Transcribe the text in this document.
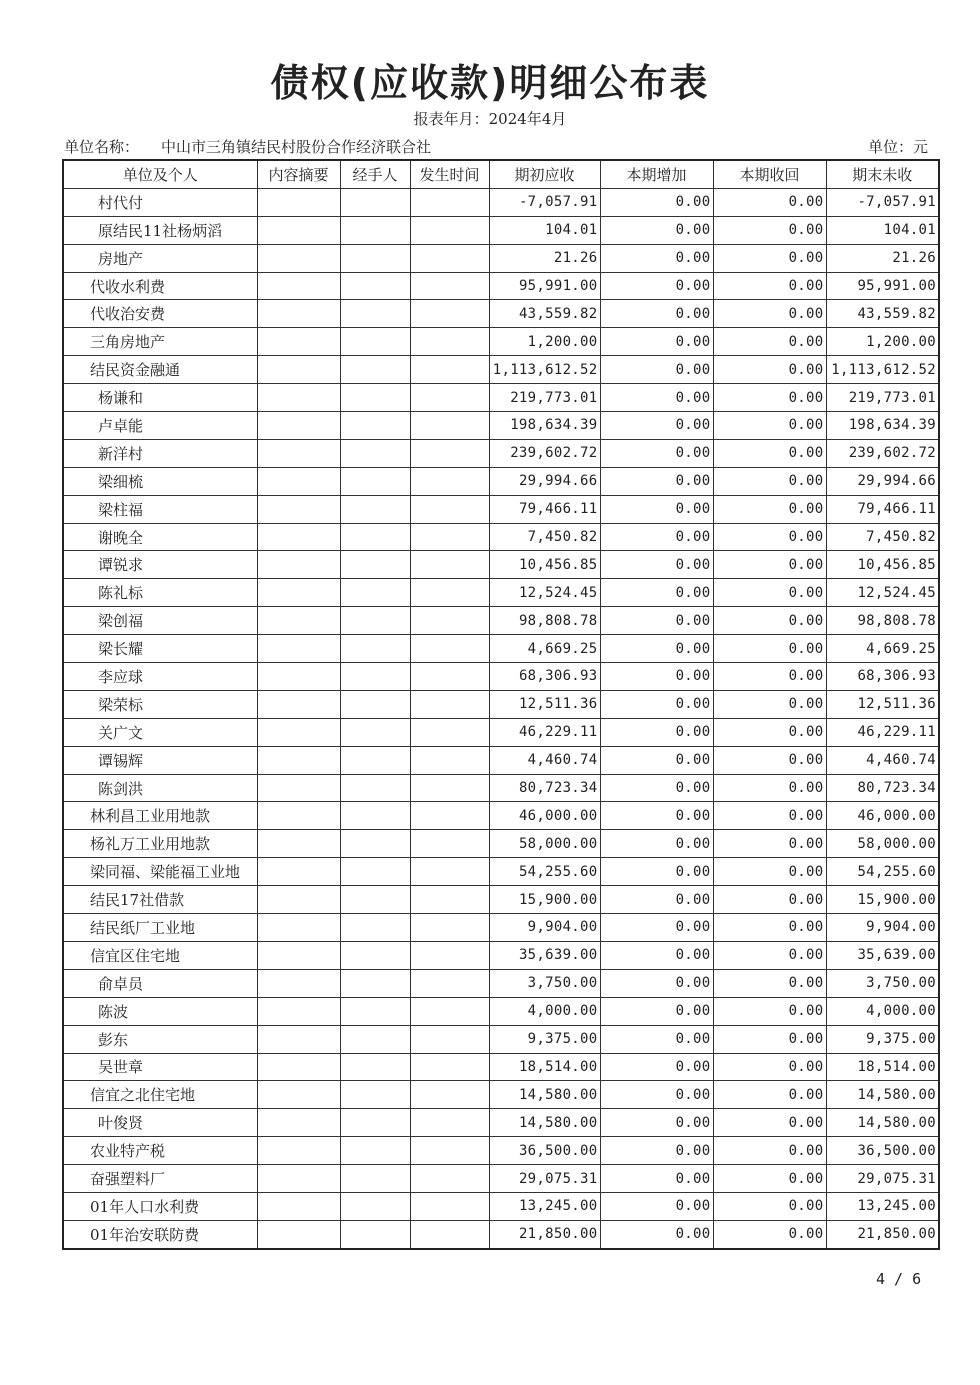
债权(应收款)明细公布表
报表年月：2024年4月
单位名称： 中山市三角镇结民村股份合作经济联合社	单位：元
单位及个人	内容摘要	经手人	发生时间	期初应收	本期增加	本期收回	期末未收
村代付				-7,057.91	0.00	0.00	-7,057.91
原结民11社杨炳滔				104.01	0.00	0.00	104.01
房地产				21.26	0.00	0.00	21.26
代收水利费				95,991.00	0.00	0.00	95,991.00
代收治安费				43,559.82	0.00	0.00	43,559.82
三角房地产				1,200.00	0.00	0.00	1,200.00
结民资金融通				1,113,612.52	0.00	0.00	1,113,612.52
杨谦和				219,773.01	0.00	0.00	219,773.01
卢卓能				198,634.39	0.00	0.00	198,634.39
新洋村				239,602.72	0.00	0.00	239,602.72
梁细梳				29,994.66	0.00	0.00	29,994.66
梁柱福				79,466.11	0.00	0.00	79,466.11
谢晚全				7,450.82	0.00	0.00	7,450.82
谭锐求				10,456.85	0.00	0.00	10,456.85
陈礼标				12,524.45	0.00	0.00	12,524.45
梁创福				98,808.78	0.00	0.00	98,808.78
梁长耀				4,669.25	0.00	0.00	4,669.25
李应球				68,306.93	0.00	0.00	68,306.93
梁荣标				12,511.36	0.00	0.00	12,511.36
关广文				46,229.11	0.00	0.00	46,229.11
谭锡辉				4,460.74	0.00	0.00	4,460.74
陈剑洪				80,723.34	0.00	0.00	80,723.34
林利昌工业用地款				46,000.00	0.00	0.00	46,000.00
杨礼万工业用地款				58,000.00	0.00	0.00	58,000.00
梁同福、梁能福工业地				54,255.60	0.00	0.00	54,255.60
结民17社借款				15,900.00	0.00	0.00	15,900.00
结民纸厂工业地				9,904.00	0.00	0.00	9,904.00
信宜区住宅地				35,639.00	0.00	0.00	35,639.00
俞卓员				3,750.00	0.00	0.00	3,750.00
陈波				4,000.00	0.00	0.00	4,000.00
彭东				9,375.00	0.00	0.00	9,375.00
吴世章				18,514.00	0.00	0.00	18,514.00
信宜之北住宅地				14,580.00	0.00	0.00	14,580.00
叶俊贤				14,580.00	0.00	0.00	14,580.00
农业特产税				36,500.00	0.00	0.00	36,500.00
奋强塑料厂				29,075.31	0.00	0.00	29,075.31
01年人口水利费				13,245.00	0.00	0.00	13,245.00
01年治安联防费				21,850.00	0.00	0.00	21,850.00
4 / 6
